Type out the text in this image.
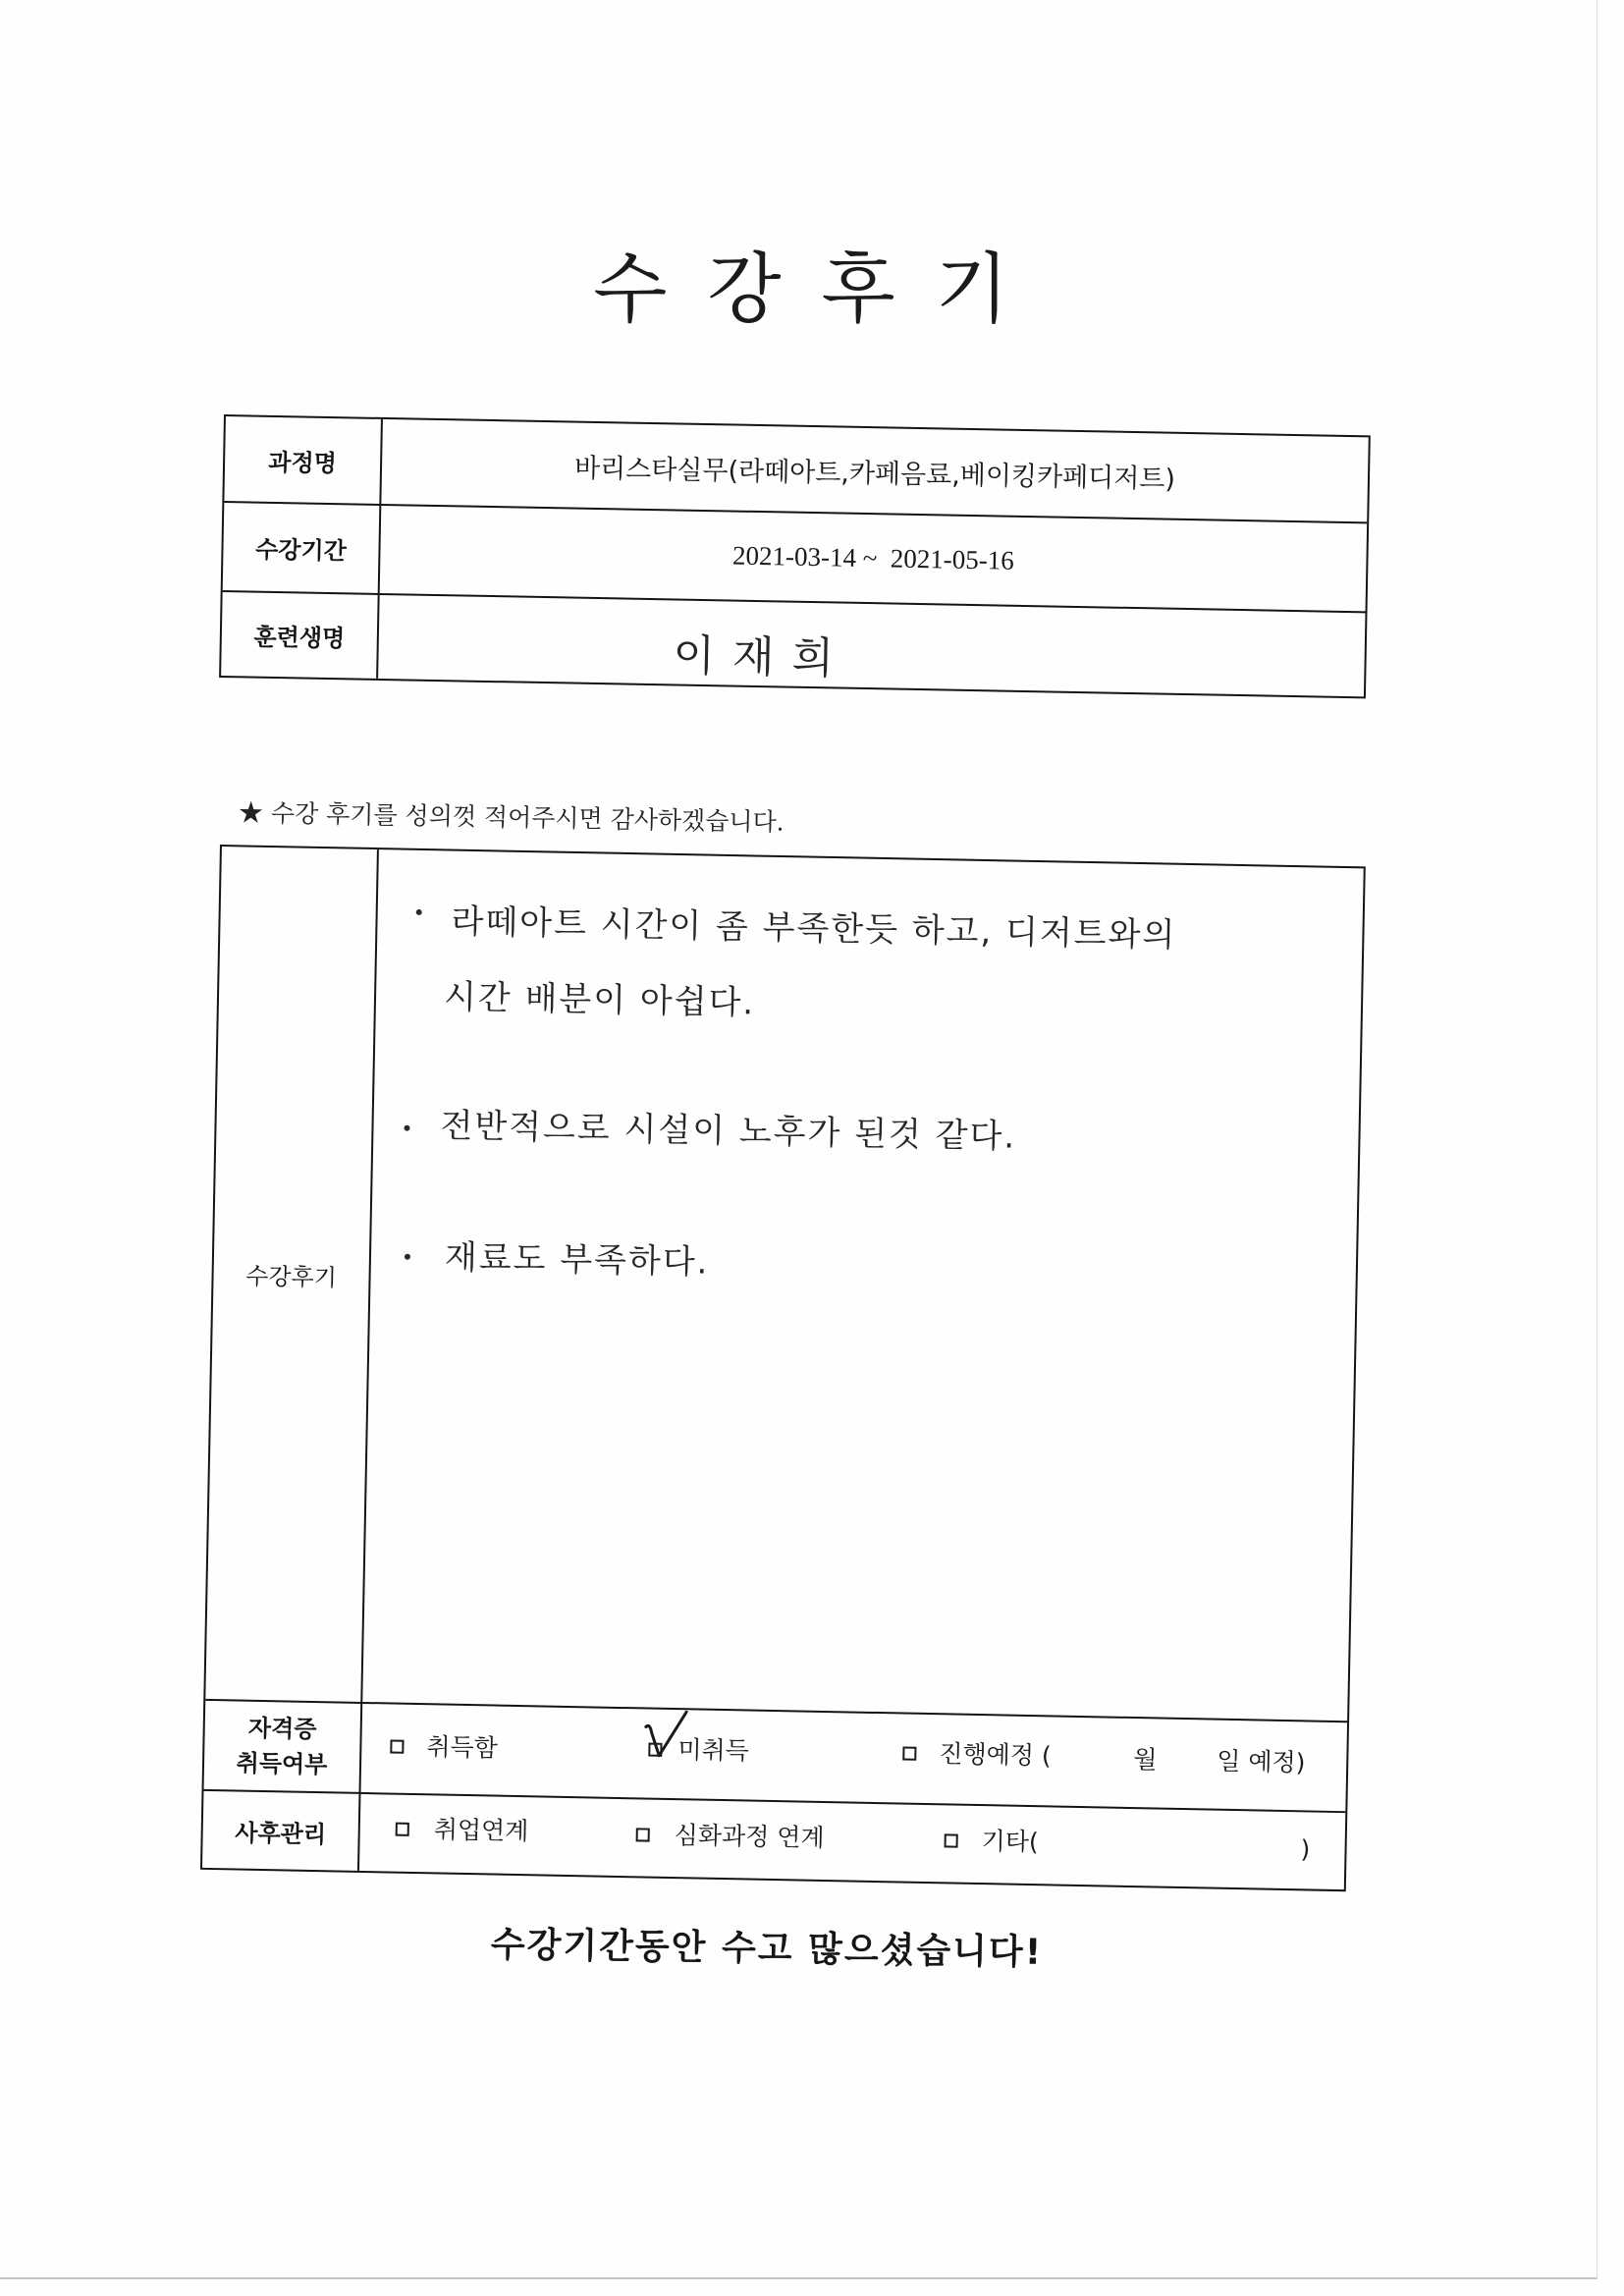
수 강 후 기
과정명	바리스타실무(라떼아트,카페음료,베이킹카페디저트)
수강기간	2021-03-14 ~  2021-05-16
훈련생명	이 재 희
★ 수강 후기를 성의껏 적어주시면 감사하겠습니다.
수강후기
라떼아트 시간이 좀 부족한듯 하고, 디저트와의
시간 배분이 아쉽다.
전반적으로 시설이 노후가 된것 같다.
재료도 부족하다.
자격증
취득여부
취득함	미취득	진행예정 (	월 일 예정)
사후관리	취업연계	심화과정 연계	기타(	)
수강기간동안 수고 많으셨습니다!
